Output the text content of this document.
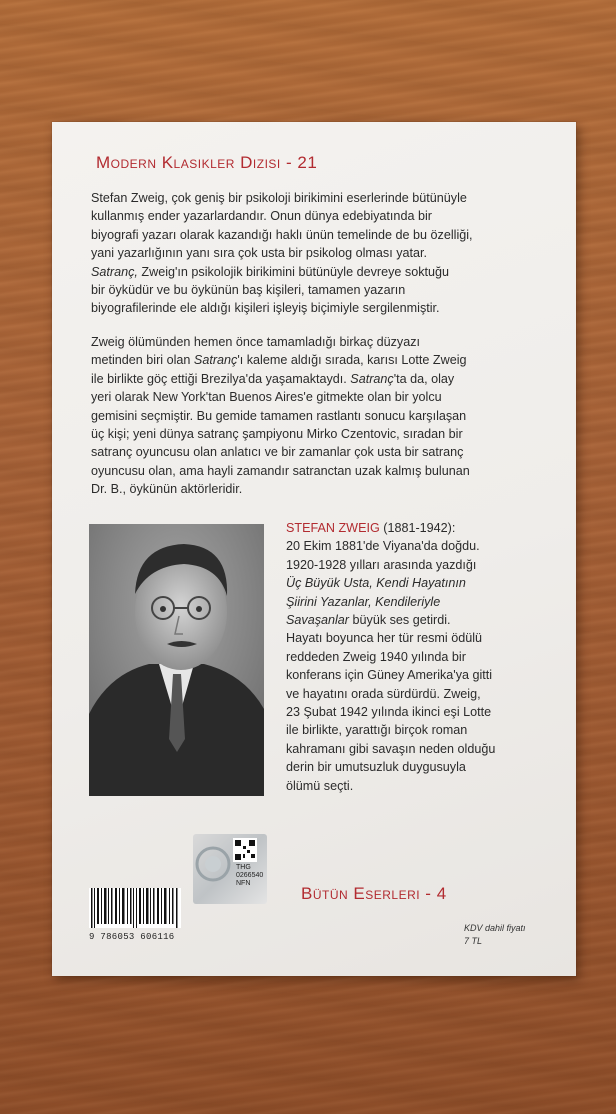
Modern Klasikler Dizisi - 21
Stefan Zweig, çok geniş bir psikoloji birikimini eserlerinde bütünüyle
kullanmış ender yazarlardandır. Onun dünya edebiyatında bir
biyografi yazarı olarak kazandığı haklı ünün temelinde de bu özelliği,
yani yazarlığının yanı sıra çok usta bir psikolog olması yatar.
Satranç, Zweig'ın psikolojik birikimini bütünüyle devreye soktuğu
bir öyküdür ve bu öykünün baş kişileri, tamamen yazarın
biyografilerinde ele aldığı kişileri işleyiş biçimiyle sergilenmiştir.
Zweig ölümünden hemen önce tamamladığı birkaç düzyazı
metinden biri olan Satranç'ı kaleme aldığı sırada, karısı Lotte Zweig
ile birlikte göç ettiği Brezilya'da yaşamaktaydı. Satranç'ta da, olay
yeri olarak New York'tan Buenos Aires'e gitmekte olan bir yolcu
gemisini seçmiştir. Bu gemide tamamen rastlantı sonucu karşılaşan
üç kişi; yeni dünya satranç şampiyonu Mirko Czentovic, sıradan bir
satranç oyuncusu olan anlatıcı ve bir zamanlar çok usta bir satranç
oyuncusu olan, ama hayli zamandır satranctan uzak kalmış bulunan
Dr. B., öykünün aktörleridir.
STEFAN ZWEIG (1881-1942):
20 Ekim 1881'de Viyana'da doğdu.
1920-1928 yılları arasında yazdığı
Üç Büyük Usta, Kendi Hayatının
Şiirini Yazanlar, Kendileriyle
Savaşanlar büyük ses getirdi.
Hayatı boyunca her tür resmi ödülü
reddeden Zweig 1940 yılında bir
konferans için Güney Amerika'ya gitti
ve hayatını orada sürdürdü. Zweig,
23 Şubat 1942 yılında ikinci eşi Lotte
ile birlikte, yarattığı birçok roman
kahramanı gibi savaşın neden olduğu
derin bir umutsuzluk duygusuyla
ölümü seçti.
THG
0266540
NFN
Bütün Eserleri - 4
9 786053 606116
KDV dahil fiyatı
7 TL
